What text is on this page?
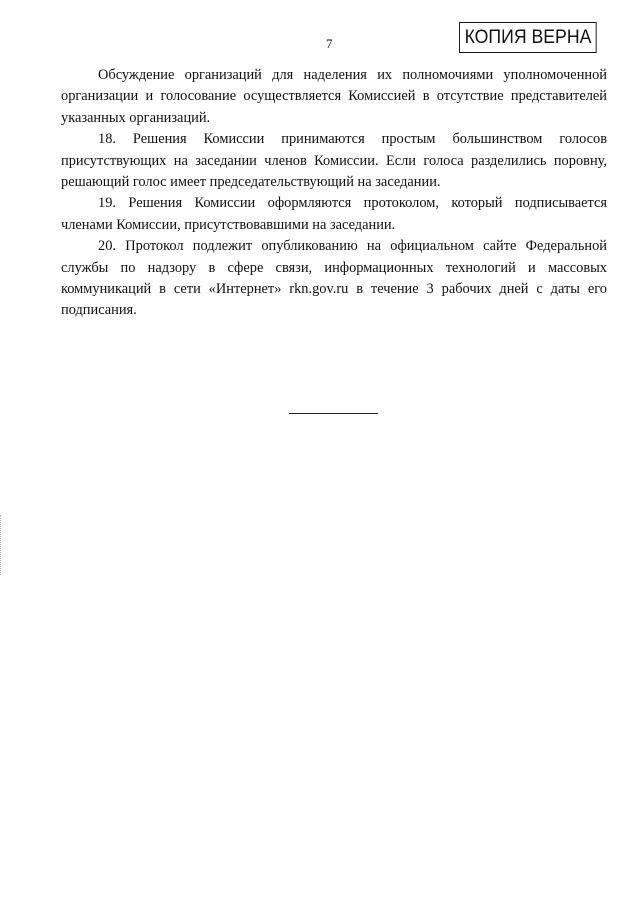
7	КОПИЯ ВЕРНА

Обсуждение организаций для наделения их полномочиями уполномоченной организации и голосование осуществляется Комиссией в отсутствие представителей указанных организаций.

18. Решения Комиссии принимаются простым большинством голосов присутствующих на заседании членов Комиссии. Если голоса разделились поровну, решающий голос имеет председательствующий на заседании.

19. Решения Комиссии оформляются протоколом, который подписывается членами Комиссии, присутствовавшими на заседании.

20. Протокол подлежит опубликованию на официальном сайте Федеральной службы по надзору в сфере связи, информационных технологий и массовых коммуникаций в сети «Интернет» rkn.gov.ru в течение 3 рабочих дней с даты его подписания.
